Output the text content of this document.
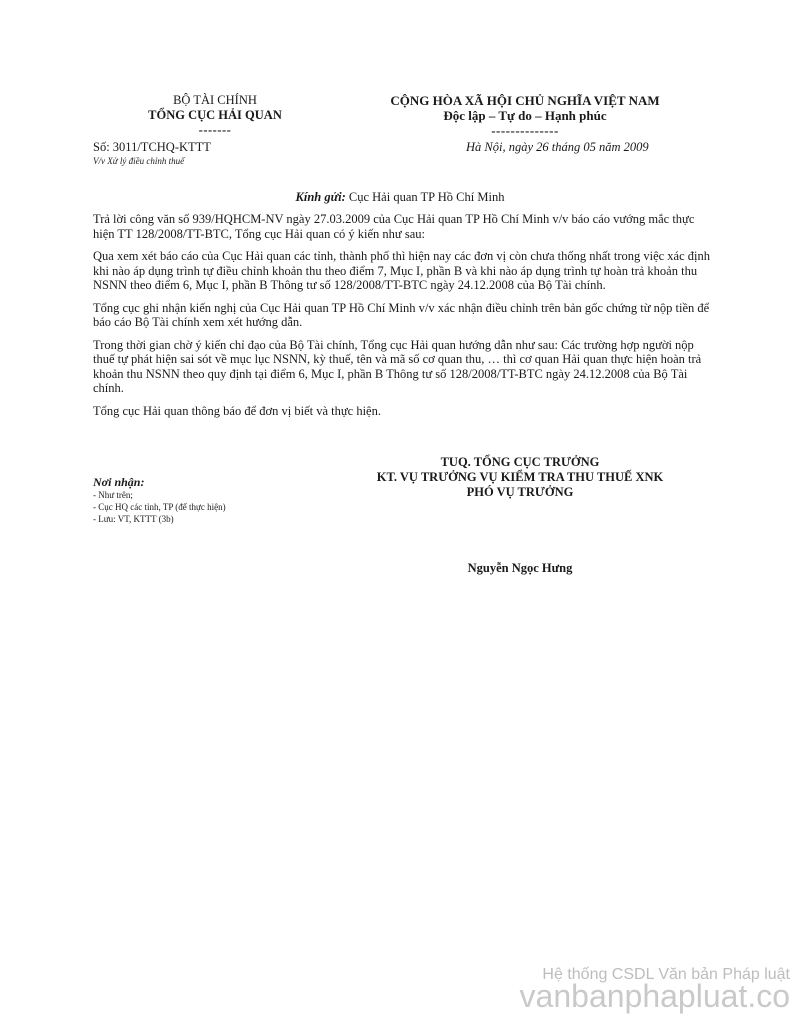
BỘ TÀI CHÍNH
TỔNG CỤC HẢI QUAN
-------
CỘNG HÒA XÃ HỘI CHỦ NGHĨA VIỆT NAM
Độc lập – Tự do – Hạnh phúc
--------------
Số: 3011/TCHQ-KTTT
V/v Xử lý điều chỉnh thuế
Hà Nội, ngày 26 tháng 05 năm 2009
Kính gửi: Cục Hải quan TP Hồ Chí Minh

Trả lời công văn số 939/HQHCM-NV ngày 27.03.2009 của Cục Hải quan TP Hồ Chí Minh v/v báo cáo vướng mắc thực hiện TT 128/2008/TT-BTC, Tổng cục Hải quan có ý kiến như sau:

Qua xem xét báo cáo của Cục Hải quan các tỉnh, thành phố thì hiện nay các đơn vị còn chưa thống nhất trong việc xác định khi nào áp dụng trình tự điều chỉnh khoản thu theo điểm 7, Mục I, phần B và khi nào áp dụng trình tự hoàn trả khoản thu NSNN theo điểm 6, Mục I, phần B Thông tư số 128/2008/TT-BTC ngày 24.12.2008 của Bộ Tài chính.

Tổng cục ghi nhận kiến nghị của Cục Hải quan TP Hồ Chí Minh v/v xác nhận điều chỉnh trên bản gốc chứng từ nộp tiền để báo cáo Bộ Tài chính xem xét hướng dẫn.

Trong thời gian chờ ý kiến chỉ đạo của Bộ Tài chính, Tổng cục Hải quan hướng dẫn như sau: Các trường hợp người nộp thuế tự phát hiện sai sót về mục lục NSNN, kỳ thuế, tên và mã số cơ quan thu, … thì cơ quan Hải quan thực hiện hoàn trả khoản thu NSNN theo quy định tại điểm 6, Mục I, phần B Thông tư số 128/2008/TT-BTC ngày 24.12.2008 của Bộ Tài chính.

Tổng cục Hải quan thông báo để đơn vị biết và thực hiện.

TUQ. TỔNG CỤC TRƯỞNG
KT. VỤ TRƯỞNG VỤ KIỂM TRA THU THUẾ XNK
PHÓ VỤ TRƯỞNG
Nguyễn Ngọc Hưng
Nơi nhận:
- Như trên;
- Cục HQ các tỉnh, TP (để thực hiện)
- Lưu: VT, KTTT (3b)
Hệ thống CSDL Văn bản Pháp luật
vanbanphapluat.co
